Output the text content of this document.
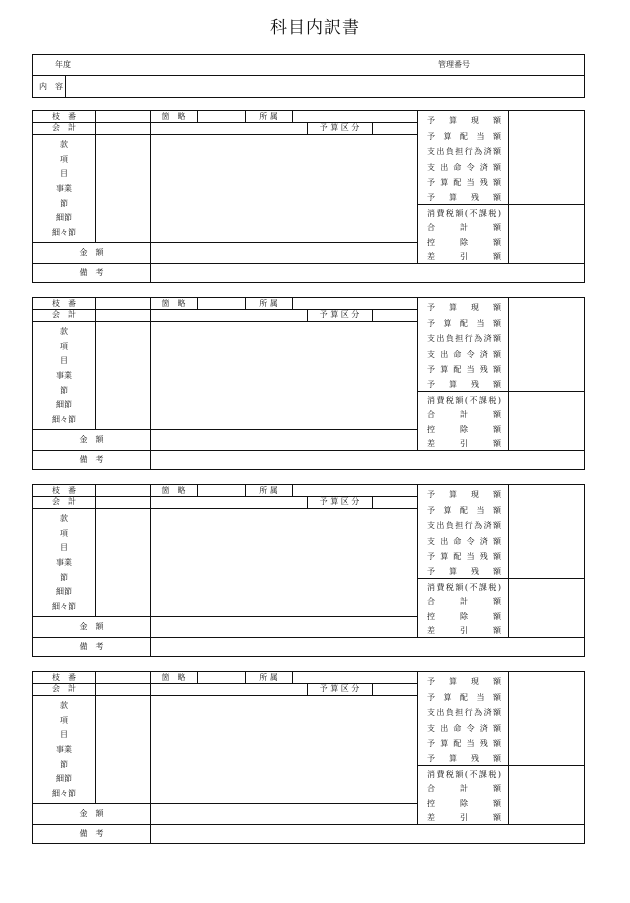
科目内訳書
年度	管理番号
内　容
枝　番	箇　略	所 属
会　計	予 算 区 分
款
項
目
事業
節
細節
細々節
金　額
備　考
予 算 現 額
予 算 配 当 額
支出負担行為済額
支 出 命 令 済 額
予 算 配 当 残 額
予 算 残 額
消費税額(不課税)
合 計 額
控 除 額
差 引 額
枝　番	箇　略	所 属
会　計	予 算 区 分
款
項
目
事業
節
細節
細々節
金　額
備　考
予 算 現 額
予 算 配 当 額
支出負担行為済額
支 出 命 令 済 額
予 算 配 当 残 額
予 算 残 額
消費税額(不課税)
合 計 額
控 除 額
差 引 額
枝　番	箇　略	所 属
会　計	予 算 区 分
款
項
目
事業
節
細節
細々節
金　額
備　考
予 算 現 額
予 算 配 当 額
支出負担行為済額
支 出 命 令 済 額
予 算 配 当 残 額
予 算 残 額
消費税額(不課税)
合 計 額
控 除 額
差 引 額
枝　番	箇　略	所 属
会　計	予 算 区 分
款
項
目
事業
節
細節
細々節
金　額
備　考
予 算 現 額
予 算 配 当 額
支出負担行為済額
支 出 命 令 済 額
予 算 配 当 残 額
予 算 残 額
消費税額(不課税)
合 計 額
控 除 額
差 引 額
